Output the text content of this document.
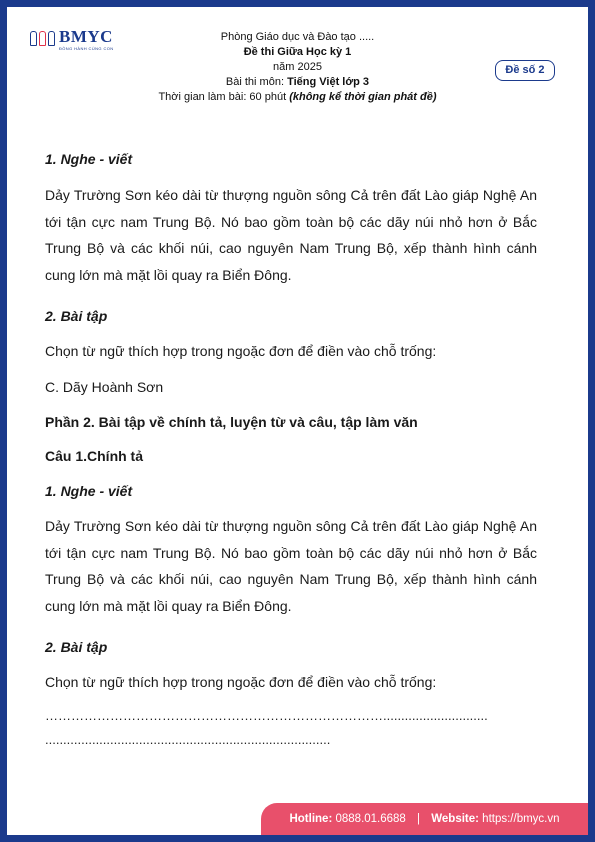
BMYC
ĐỒNG HÀNH CÙNG CON
Phòng Giáo dục và Đào tạo .....
Đề thi Giữa Học kỳ 1
năm 2025
Bài thi môn: Tiếng Việt lớp 3
Thời gian làm bài: 60 phút (không kể thời gian phát đề)
Đề số 2

1. Nghe - viết

Dảy Trường Sơn kéo dài từ thượng nguồn sông Cả trên đất Lào giáp Nghệ An tới tận cực nam Trung Bộ. Nó bao gồm toàn bộ các dãy núi nhỏ hơn ở Bắc Trung Bộ và các khối núi, cao nguyên Nam Trung Bộ, xếp thành hình cánh cung lớn mà mặt lồi quay ra Biển Đông.

2. Bài tập

Chọn từ ngữ thích hợp trong ngoặc đơn để điền vào chỗ trống:

C. Dãy Hoành Sơn

Phần 2. Bài tập về chính tả, luyện từ và câu, tập làm văn

Câu 1.Chính tả

1. Nghe - viết

Dảy Trường Sơn kéo dài từ thượng nguồn sông Cả trên đất Lào giáp Nghệ An tới tận cực nam Trung Bộ. Nó bao gồm toàn bộ các dãy núi nhỏ hơn ở Bắc Trung Bộ và các khối núi, cao nguyên Nam Trung Bộ, xếp thành hình cánh cung lớn mà mặt lồi quay ra Biển Đông.

2. Bài tập

Chọn từ ngữ thích hợp trong ngoặc đơn để điền vào chỗ trống:

…………………………………………………………………….............................

...............................................................................

Hotline: 0888.01.6688 | Website: https://bmyc.vn
